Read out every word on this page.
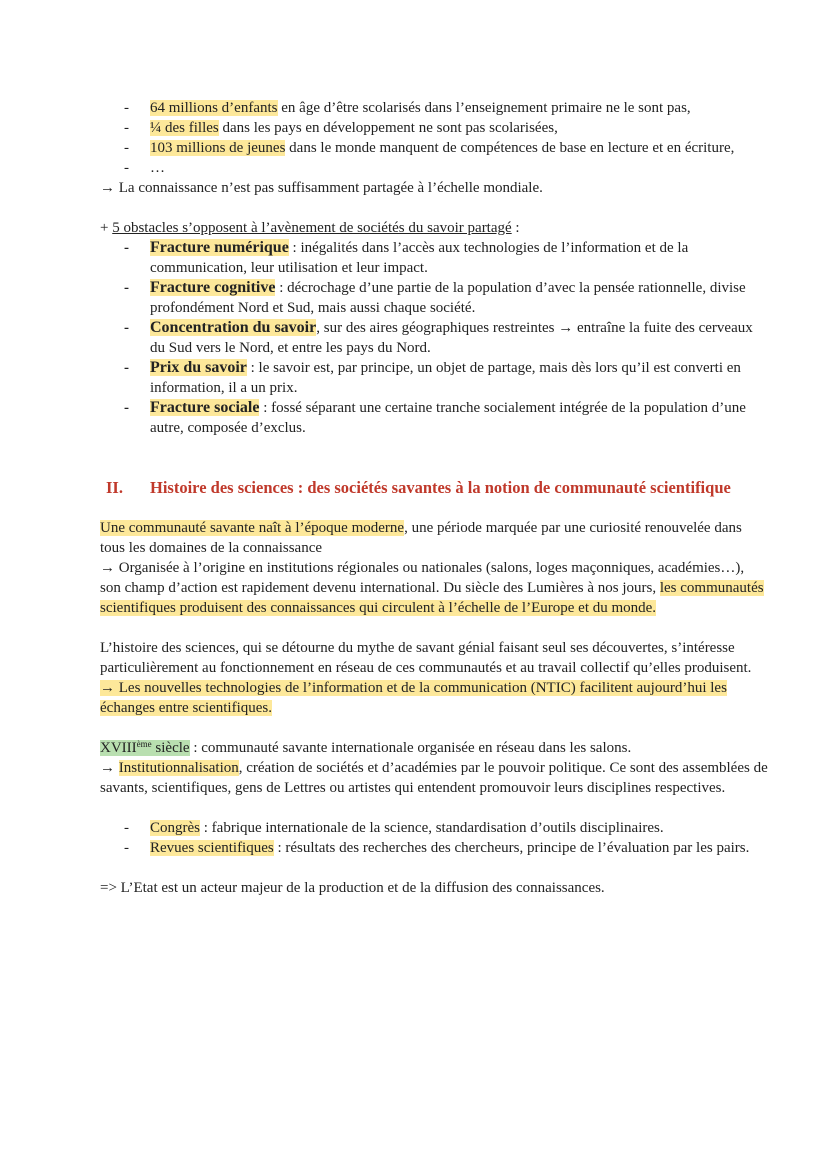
- 64 millions d’enfants en âge d’être scolarisés dans l’enseignement primaire ne le sont pas,
- ¼ des filles dans les pays en développement ne sont pas scolarisées,
- 103 millions de jeunes dans le monde manquent de compétences de base en lecture et en écriture,
- …

→ La connaissance n’est pas suffisamment partagée à l’échelle mondiale.

+ 5 obstacles s’opposent à l’avènement de sociétés du savoir partagé :

- Fracture numérique : inégalités dans l’accès aux technologies de l’information et de la communication, leur utilisation et leur impact.
- Fracture cognitive : décrochage d’une partie de la population d’avec la pensée rationnelle, divise profondément Nord et Sud, mais aussi chaque société.
- Concentration du savoir, sur des aires géographiques restreintes → entraîne la fuite des cerveaux du Sud vers le Nord, et entre les pays du Nord.
- Prix du savoir : le savoir est, par principe, un objet de partage, mais dès lors qu’il est converti en information, il a un prix.
- Fracture sociale : fossé séparant une certaine tranche socialement intégrée de la population d’une autre, composée d’exclus.
II. Histoire des sciences : des sociétés savantes à la notion de communauté scientifique

Une communauté savante naît à l’époque moderne, une période marquée par une curiosité renouvelée dans tous les domaines de la connaissance

→ Organisée à l’origine en institutions régionales ou nationales (salons, loges maçonniques, académies…), son champ d’action est rapidement devenu international. Du siècle des Lumières à nos jours, les communautés scientifiques produisent des connaissances qui circulent à l’échelle de l’Europe et du monde.

L’histoire des sciences, qui se détourne du mythe de savant génial faisant seul ses découvertes, s’intéresse particulièrement au fonctionnement en réseau de ces communautés et au travail collectif qu’elles produisent.

→ Les nouvelles technologies de l’information et de la communication (NTIC) facilitent aujourd’hui les échanges entre scientifiques.

XVIIIème siècle : communauté savante internationale organisée en réseau dans les salons.

→ Institutionnalisation, création de sociétés et d’académies par le pouvoir politique. Ce sont des assemblées de savants, scientifiques, gens de Lettres ou artistes qui entendent promouvoir leurs disciplines respectives.

- Congrès : fabrique internationale de la science, standardisation d’outils disciplinaires.
- Revues scientifiques : résultats des recherches des chercheurs, principe de l’évaluation par les pairs.

=> L’Etat est un acteur majeur de la production et de la diffusion des connaissances.
